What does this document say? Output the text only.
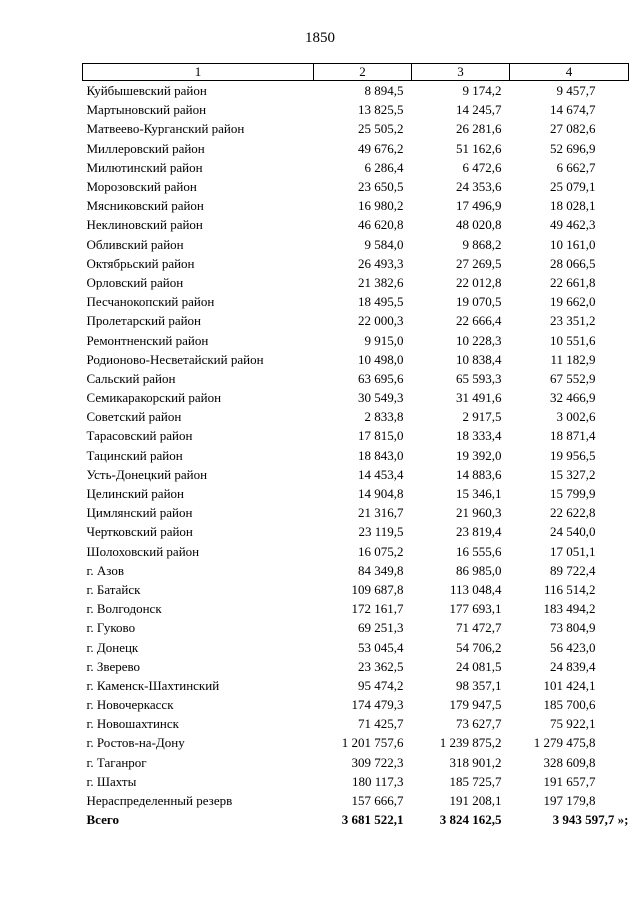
1850
1	2	3	4
Куйбышевский район	8 894,5	9 174,2	9 457,7
Мартыновский район	13 825,5	14 245,7	14 674,7
Матвеево-Курганский район	25 505,2	26 281,6	27 082,6
Миллеровский район	49 676,2	51 162,6	52 696,9
Милютинский район	6 286,4	6 472,6	6 662,7
Морозовский район	23 650,5	24 353,6	25 079,1
Мясниковский район	16 980,2	17 496,9	18 028,1
Неклиновский район	46 620,8	48 020,8	49 462,3
Обливский район	9 584,0	9 868,2	10 161,0
Октябрьский район	26 493,3	27 269,5	28 066,5
Орловский район	21 382,6	22 012,8	22 661,8
Песчанокопский район	18 495,5	19 070,5	19 662,0
Пролетарский район	22 000,3	22 666,4	23 351,2
Ремонтненский район	9 915,0	10 228,3	10 551,6
Родионово-Несветайский район	10 498,0	10 838,4	11 182,9
Сальский район	63 695,6	65 593,3	67 552,9
Семикаракорский район	30 549,3	31 491,6	32 466,9
Советский район	2 833,8	2 917,5	3 002,6
Тарасовский район	17 815,0	18 333,4	18 871,4
Тацинский район	18 843,0	19 392,0	19 956,5
Усть-Донецкий район	14 453,4	14 883,6	15 327,2
Целинский район	14 904,8	15 346,1	15 799,9
Цимлянский район	21 316,7	21 960,3	22 622,8
Чертковский район	23 119,5	23 819,4	24 540,0
Шолоховский район	16 075,2	16 555,6	17 051,1
г. Азов	84 349,8	86 985,0	89 722,4
г. Батайск	109 687,8	113 048,4	116 514,2
г. Волгодонск	172 161,7	177 693,1	183 494,2
г. Гуково	69 251,3	71 472,7	73 804,9
г. Донецк	53 045,4	54 706,2	56 423,0
г. Зверево	23 362,5	24 081,5	24 839,4
г. Каменск-Шахтинский	95 474,2	98 357,1	101 424,1
г. Новочеркасск	174 479,3	179 947,5	185 700,6
г. Новошахтинск	71 425,7	73 627,7	75 922,1
г. Ростов-на-Дону	1 201 757,6	1 239 875,2	1 279 475,8
г. Таганрог	309 722,3	318 901,2	328 609,8
г. Шахты	180 117,3	185 725,7	191 657,7
Нераспределенный резерв	157 666,7	191 208,1	197 179,8
Всего	3 681 522,1	3 824 162,5	3 943 597,7 »;
